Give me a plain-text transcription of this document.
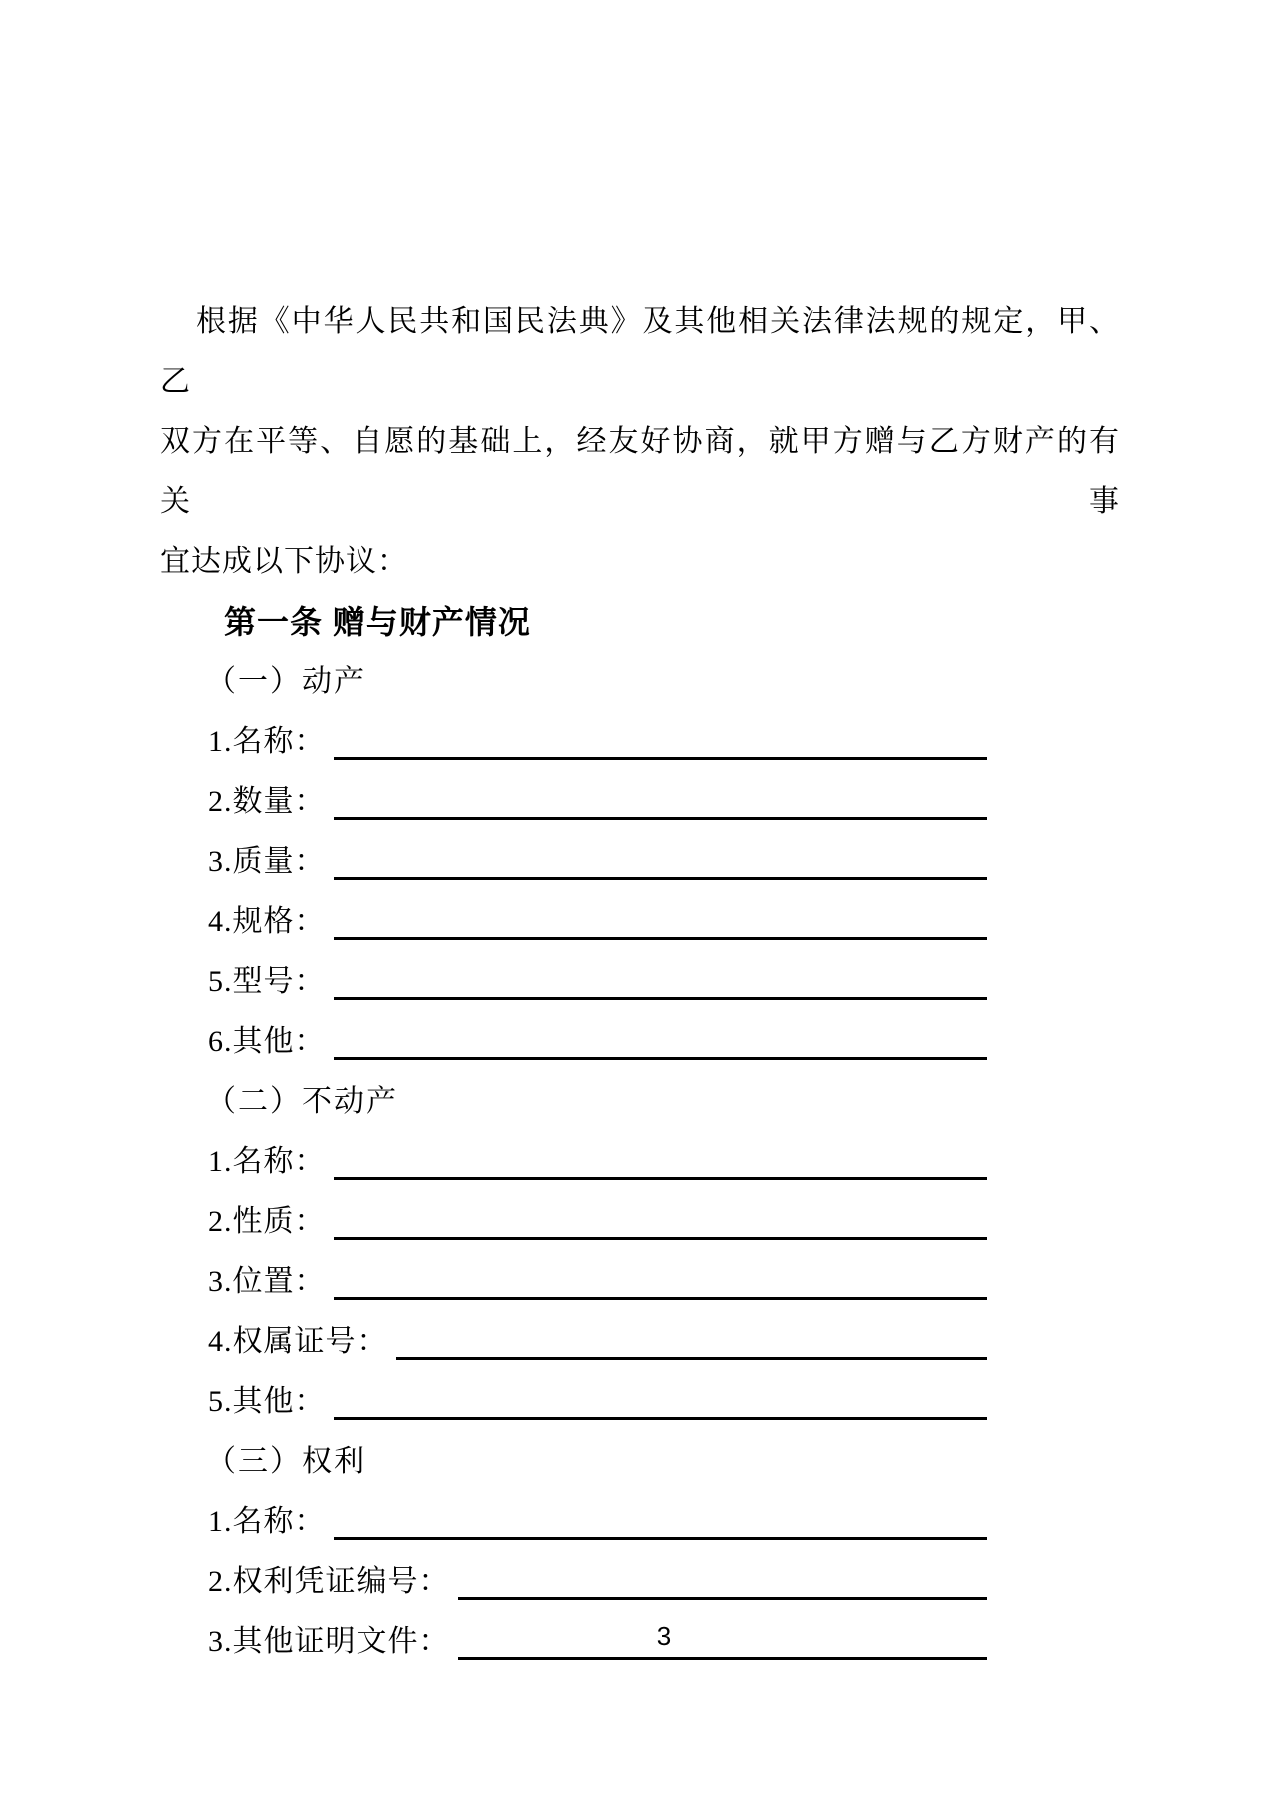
根据《中华人民共和国民法典》及其他相关法律法规的规定，甲、乙

双方在平等、自愿的基础上，经友好协商，就甲方赠与乙方财产的有关事

宜达成以下协议：

第一条 赠与财产情况

（一）动产

1.名称：
2.数量：
3.质量：
4.规格：
5.型号：
6.其他：

（二）不动产

1.名称：
2.性质：
3.位置：
4.权属证号：
5.其他：

（三）权利

1.名称：
2.权利凭证编号：
3.其他证明文件：	3
